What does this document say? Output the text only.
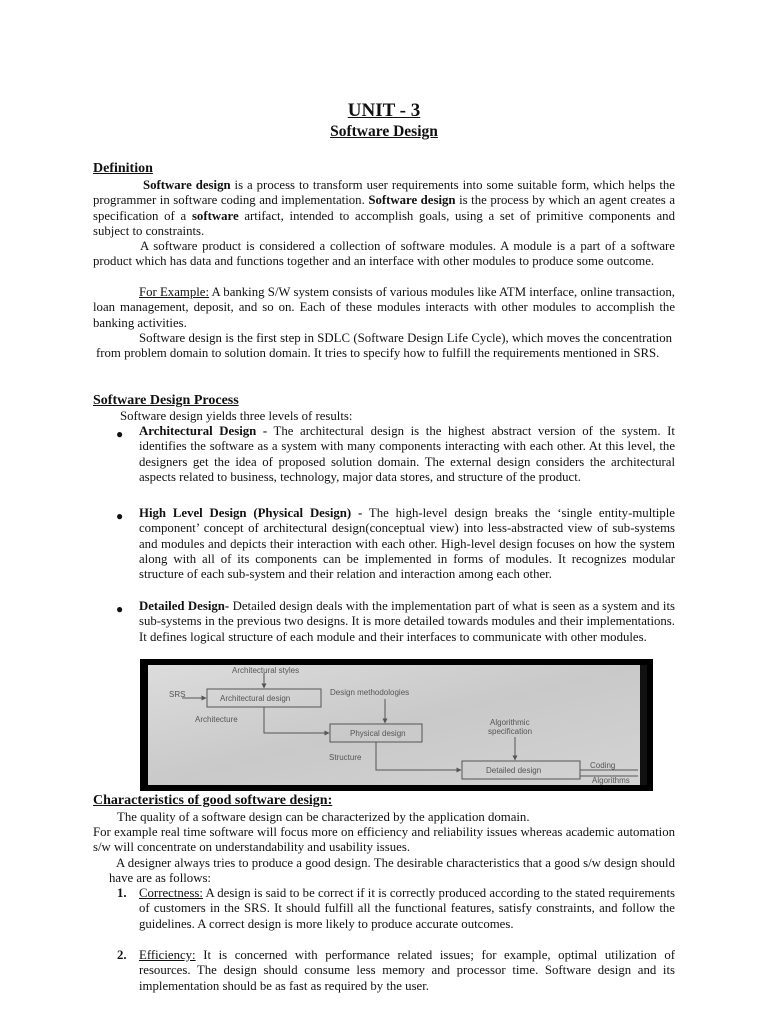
UNIT - 3
Software Design
Definition
Software design is a process to transform user requirements into some suitable form, which helps the programmer in software coding and implementation. Software design is the process by which an agent creates a specification of a software artifact, intended to accomplish goals, using a set of primitive components and subject to constraints.
A software product is considered a collection of software modules. A module is a part of a software product which has data and functions together and an interface with other modules to produce some outcome.
For Example: A banking S/W system consists of various modules like ATM interface, online transaction, loan management, deposit, and so on. Each of these modules interacts with other modules to accomplish the banking activities.
Software design is the first step in SDLC (Software Design Life Cycle), which moves the concentration from problem domain to solution domain. It tries to specify how to fulfill the requirements mentioned in SRS.
Software Design Process
Software design yields three levels of results:
● Architectural Design - The architectural design is the highest abstract version of the system. It identifies the software as a system with many components interacting with each other. At this level, the designers get the idea of proposed solution domain. The external design considers the architectural aspects related to business, technology, major data stores, and structure of the product.
● High Level Design (Physical Design) - The high-level design breaks the ‘single entity-multiple component’ concept of architectural design(conceptual view) into less-abstracted view of sub-systems and modules and depicts their interaction with each other. High-level design focuses on how the system along with all of its components can be implemented in forms of modules. It recognizes modular structure of each sub-system and their relation and interaction among each other.
● Detailed Design- Detailed design deals with the implementation part of what is seen as a system and its sub-systems in the previous two designs. It is more detailed towards modules and their implementations. It defines logical structure of each module and their interfaces to communicate with other modules.
Architectural styles
SRS	Design methodologies
Architecture	Algorithmic
specification
Structure
Coding
Algorithms
Architectural design
Physical design
Detailed design
Characteristics of good software design:
The quality of a software design can be characterized by the application domain.
For example real time software will focus more on efficiency and reliability issues whereas academic automation s/w will concentrate on understandability and usability issues.
A designer always tries to produce a good design. The desirable characteristics that a good s/w design should have are as follows:
1. Correctness: A design is said to be correct if it is correctly produced according to the stated requirements of customers in the SRS. It should fulfill all the functional features, satisfy constraints, and follow the guidelines. A correct design is more likely to produce accurate outcomes.
2. Efficiency: It is concerned with performance related issues; for example, optimal utilization of resources. The design should consume less memory and processor time. Software design and its implementation should be as fast as required by the user.
